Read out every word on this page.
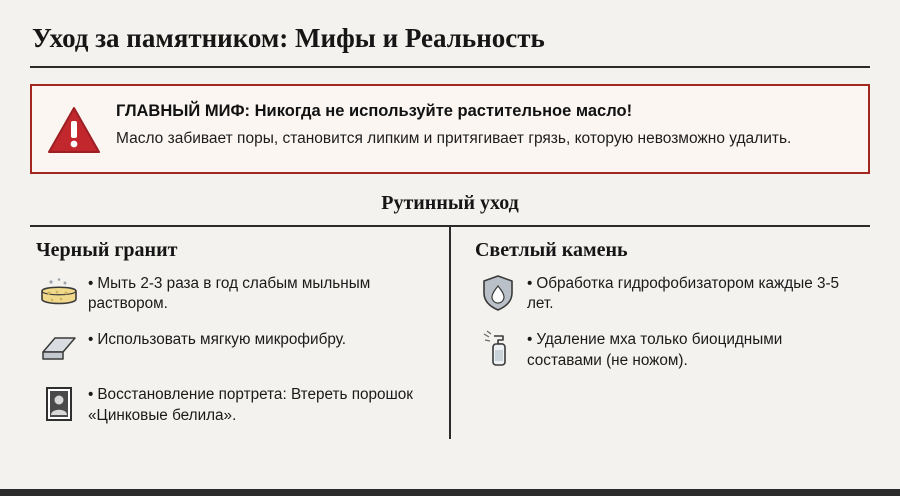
Уход за памятником: Мифы и Реальность
ГЛАВНЫЙ МИФ: Никогда не используйте растительное масло!
Масло забивает поры, становится липким и притягивает грязь, которую невозможно удалить.
Рутинный уход
Черный гранит
• Мыть 2-3 раза в год слабым мыльным раствором.
• Использовать мягкую микрофибру.
• Восстановление портрета: Втереть порошок «Цинковые белила».
Светлый камень
• Обработка гидрофобизатором каждые 3-5 лет.
• Удаление мха только биоцидными составами (не ножом).
